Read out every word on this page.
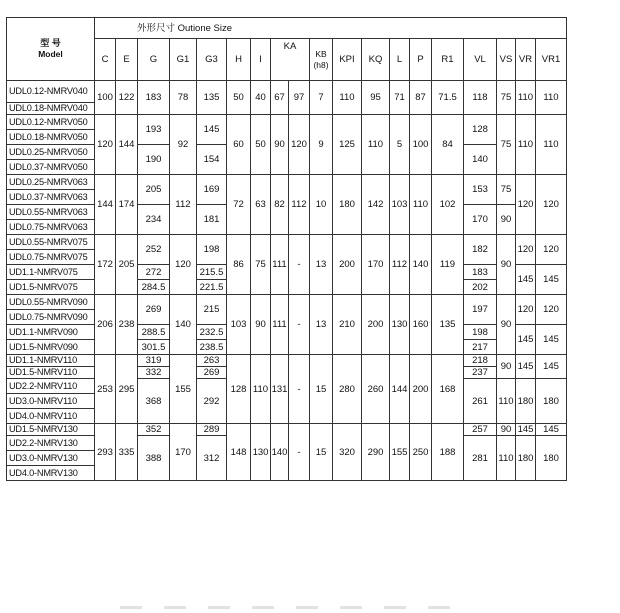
型 号
Model	外形尺寸 Outione Size																		
	C	E	G	G1	G3	H	I	KA		KB (h8)	KPI	KQ	L	P	R1	VL	VS	VR	VR1
UDL0.12-NMRV040	100	122	183	78	135	50	40	67	97	7	110	95	71	87	71.5	118	75	110	110
UDL0.18-NMRV040																			
UDL0.12-NMRV050	120	144	193	92	145	60	50	90	120	9	125	110	5	100	84	128	75	110	110
UDL0.18-NMRV050																			
UDL0.25-NMRV050			190		154											140			
UDL0.37-NMRV050																			
UDL0.25-NMRV063	144	174	205	112	169	72	63	82	112	10	180	142	103	110	102	153	75	120	120
UDL0.37-NMRV063																			
UDL0.55-NMRV063			234		181											170	90		
UDL0.75-NMRV063																			
UDL0.55-NMRV075	172	205	252	120	198	86	75	111	-	13	200	170	112	140	119	182	90	120	120
UDL0.75-NMRV075																			
UD1.1-NMRV075			272		215.5											183		145	145
UD1.5-NMRV075			284.5		221.5											202			
UDL0.55-NMRV090	206	238	269	140	215	103	90	111	-	13	210	200	130	160	135	197	90	120	120
UDL0.75-NMRV090																			
UD1.1-NMRV090			288.5		232.5											198		145	145
UD1.5-NMRV090			301.5		238.5											217			
UD1.1-NMRV110	253	295	319	155	263	128	110	131	-	15	280	260	144	200	168	218	90	145	145
UD1.5-NMRV110			332		269											237			
UD2.2-NMRV110			368		292											261	110	180	180
UD3.0-NMRV110																			
UD4.0-NMRV110																			
UD1.5-NMRV130	293	335	352	170	289	148	130	140	-	15	320	290	155	250	188	257	90	145	145
UD2.2-NMRV130			388		312											281	110	180	180
UD3.0-NMRV130																			
UD4.0-NMRV130																			
